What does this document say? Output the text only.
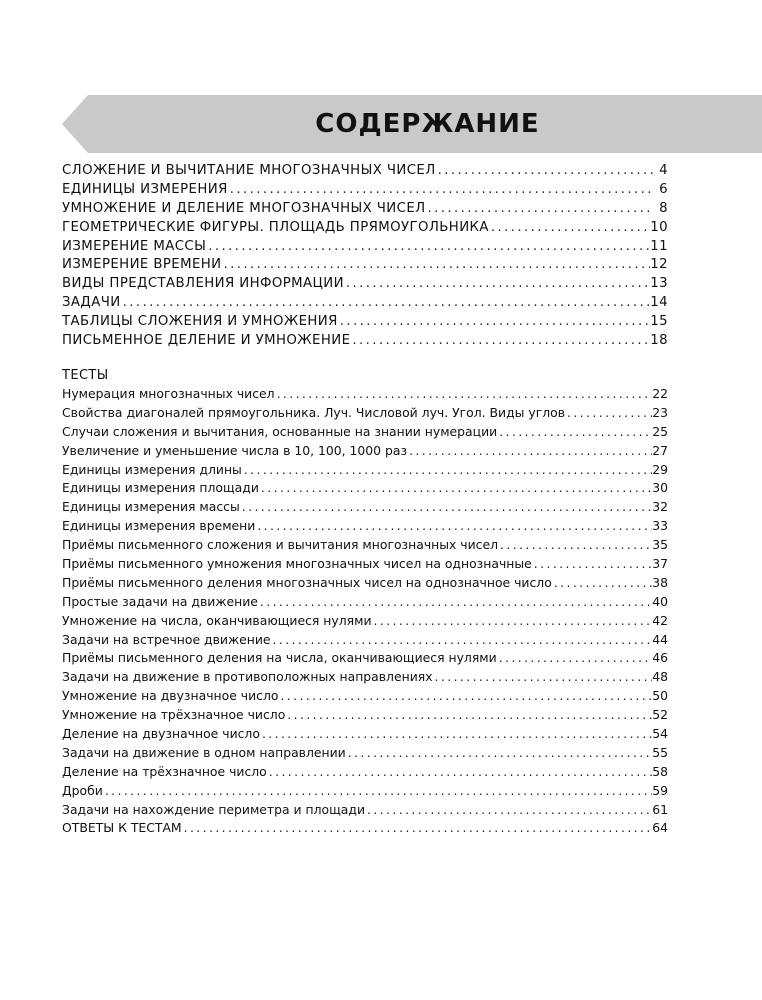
СОДЕРЖАНИЕ
СЛОЖЕНИЕ И ВЫЧИТАНИЕ МНОГОЗНАЧНЫХ ЧИСЕЛ .....	4
ЕДИНИЦЫ ИЗМЕРЕНИЯ .....	6
УМНОЖЕНИЕ И ДЕЛЕНИЕ МНОГОЗНАЧНЫХ ЧИСЕЛ .....	8
ГЕОМЕТРИЧЕСКИЕ ФИГУРЫ. ПЛОЩАДЬ ПРЯМОУГОЛЬНИКА .....	10
ИЗМЕРЕНИЕ МАССЫ .....	11
ИЗМЕРЕНИЕ ВРЕМЕНИ .....	12
ВИДЫ ПРЕДСТАВЛЕНИЯ ИНФОРМАЦИИ .....	13
ЗАДАЧИ .....	14
ТАБЛИЦЫ СЛОЖЕНИЯ И УМНОЖЕНИЯ .....	15
ПИСЬМЕННОЕ ДЕЛЕНИЕ И УМНОЖЕНИЕ .....	18
ТЕСТЫ
Нумерация многозначных чисел .....	22
Свойства диагоналей прямоугольника. Луч. Числовой луч. Угол. Виды углов .....	23
Случаи сложения и вычитания, основанные на знании нумерации .....	25
Увеличение и уменьшение числа в 10, 100, 1000 раз .....	27
Единицы измерения длины .....	29
Единицы измерения площади .....	30
Единицы измерения массы .....	32
Единицы измерения времени .....	33
Приёмы письменного сложения и вычитания многозначных чисел .....	35
Приёмы письменного умножения многозначных чисел на однозначные .....	37
Приёмы письменного деления многозначных чисел на однозначное число .....	38
Простые задачи на движение .....	40
Умножение на числа, оканчивающиеся нулями .....	42
Задачи на встречное движение .....	44
Приёмы письменного деления на числа, оканчивающиеся нулями .....	46
Задачи на движение в противоположных направлениях .....	48
Умножение на двузначное число .....	50
Умножение на трёхзначное число .....	52
Деление на двузначное число .....	54
Задачи на движение в одном направлении .....	55
Деление на трёхзначное число .....	58
Дроби .....	59
Задачи на нахождение периметра и площади .....	61
ОТВЕТЫ К ТЕСТАМ .....	64
